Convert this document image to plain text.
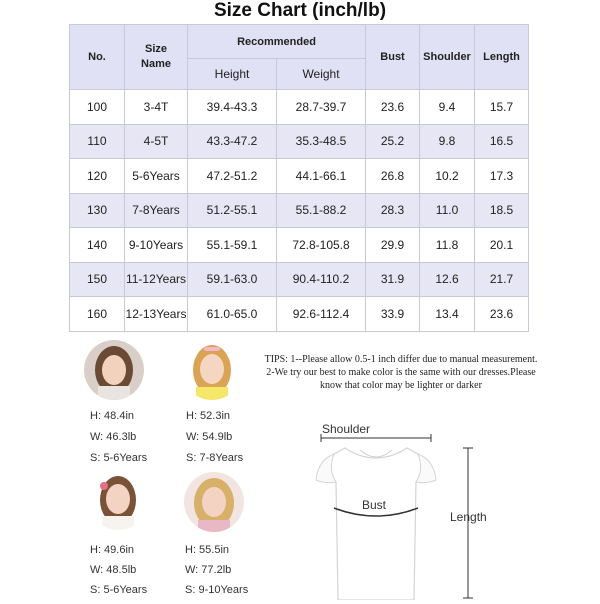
Size Chart (inch/lb)
No.	Size Name	Recommended		Bust	Shoulder	Length
		Height	Weight			
100	3-4T	39.4-43.3	28.7-39.7	23.6	9.4	15.7
110	4-5T	43.3-47.2	35.3-48.5	25.2	9.8	16.5
120	5-6Years	47.2-51.2	44.1-66.1	26.8	10.2	17.3
130	7-8Years	51.2-55.1	55.1-88.2	28.3	11.0	18.5
140	9-10Years	55.1-59.1	72.8-105.8	29.9	11.8	20.1
150	11-12Years	59.1-63.0	90.4-110.2	31.9	12.6	21.7
160	12-13Years	61.0-65.0	92.6-112.4	33.9	13.4	23.6
H: 48.4in
W: 46.3lb
S: 5-6Years
H: 52.3in
W: 54.9lb
S: 7-8Years
H: 49.6in
W: 48.5lb
S: 5-6Years
H: 55.5in
W: 77.2lb
S: 9-10Years
TIPS: 1--Please allow 0.5-1 inch differ due to manual measurement.
2-We try our best to make color is the same with our dresses.Please know that color may be lighter or darker
Shoulder
Bust
Length
